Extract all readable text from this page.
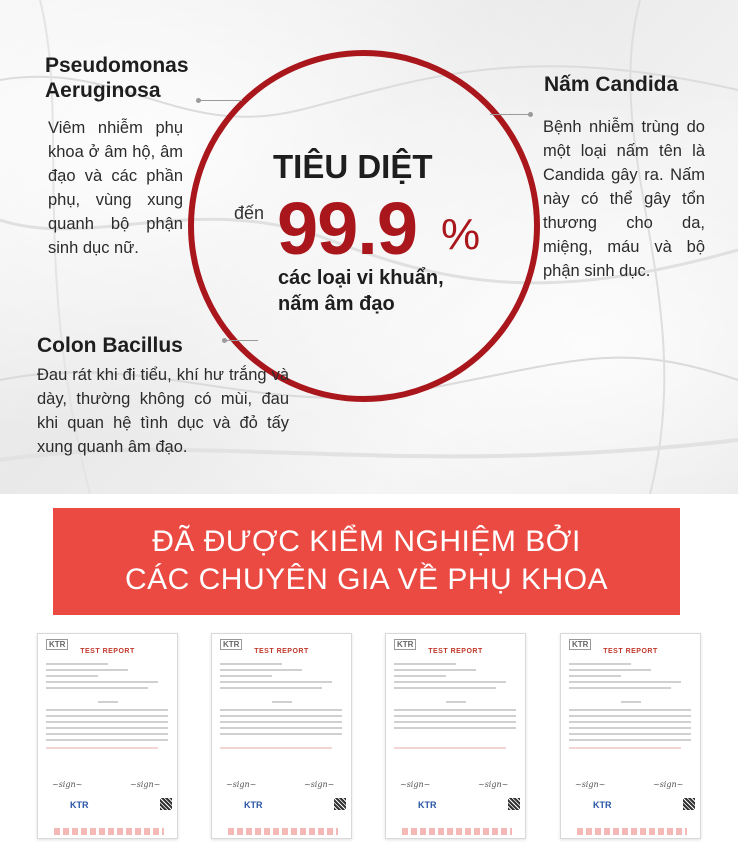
Pseudomonas Aeruginosa
Viêm nhiễm phụ khoa ở âm hộ, âm đạo và các phần phụ, vùng xung quanh bộ phận sinh dục nữ.
Nấm Candida
Bệnh nhiễm trùng do một loại nấm tên là Candida gây ra. Nấm này có thể gây tổn thương cho da, miệng, máu và bộ phận sinh dục.
Colon Bacillus
Đau rát khi đi tiểu, khí hư trắng và dày, thường không có mùi, đau khi quan hệ tình dục và đỏ tấy xung quanh âm đạo.
TIÊU DIỆT
đến 99.9 %
các loại vi khuẩn,
nấm âm đạo
ĐÃ ĐƯỢC KIỂM NGHIỆM BỞI
CÁC CHUYÊN GIA VỀ PHỤ KHOA
KTR
TEST REPORT
~sign~	~sign~
KTR
KTR
TEST REPORT
~sign~	~sign~
KTR
KTR
TEST REPORT
~sign~	~sign~
KTR
KTR
TEST REPORT
~sign~	~sign~
KTR
